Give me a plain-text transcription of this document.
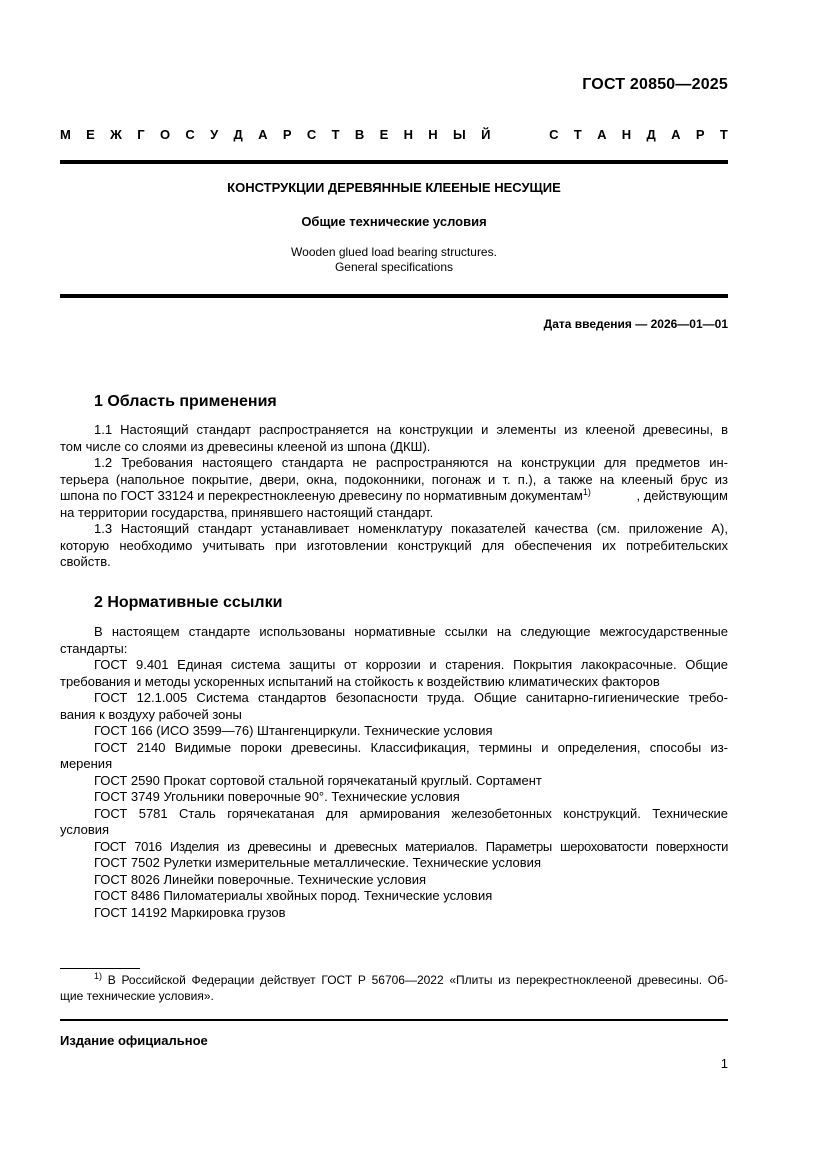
ГОСТ 20850—2025
М Е Ж Г О С У Д А Р С Т В Е Н Н Ы Й	С Т А Н Д А Р Т
КОНСТРУКЦИИ ДЕРЕВЯННЫЕ КЛЕЕНЫЕ НЕСУЩИЕ
Общие технические условия
Wooden glued load bearing structures.
General specifications
Дата введения — 2026—01—01
1 Область применения
1.1 Настоящий стандарт распространяется на конструкции и элементы из клееной древесины, в
том числе со слоями из древесины клееной из шпона (ДКШ).
1.2 Требования настоящего стандарта не распространяются на конструкции для предметов ин-
терьера (напольное покрытие, двери, окна, подоконники, погонаж и т. п.), а также на клееный брус из
шпона по ГОСТ 33124 и перекрестноклееную древесину по нормативным документам $^{1)}$	, действующим
на территории государства, принявшего настоящий стандарт.
1.3 Настоящий стандарт устанавливает номенклатуру показателей качества (см. приложение А),
которую необходимо учитывать при изготовлении конструкций для обеспечения их потребительских
свойств.
2 Нормативные ссылки
В настоящем стандарте использованы нормативные ссылки на следующие межгосударственные
стандарты:
ГОСТ 9.401 Единая система защиты от коррозии и старения. Покрытия лакокрасочные. Общие
требования и методы ускоренных испытаний на стойкость к воздействию климатических факторов
ГОСТ 12.1.005 Система стандартов безопасности труда. Общие санитарно-гигиенические требо-
вания к воздуху рабочей зоны
ГОСТ 166 (ИСО 3599—76) Штангенциркули. Технические условия
ГОСТ 2140 Видимые пороки древесины. Классификация, термины и определения, способы из-
мерения
ГОСТ 2590 Прокат сортовой стальной горячекатаный круглый. Сортамент
ГОСТ 3749 Угольники поверочные 90°. Технические условия
ГОСТ 5781 Сталь горячекатаная для армирования железобетонных конструкций. Технические
условия
ГОСТ 7016 Изделия из древесины и древесных материалов. Параметры шероховатости поверхности
ГОСТ 7502 Рулетки измерительные металлические. Технические условия
ГОСТ 8026 Линейки поверочные. Технические условия
ГОСТ 8486 Пиломатериалы хвойных пород. Технические условия
ГОСТ 14192 Маркировка грузов
$^{1)}$ В Российской Федерации действует ГОСТ Р 56706—2022 «Плиты из перекрестноклееной древесины. Об-
щие технические условия».
Издание официальное
1
